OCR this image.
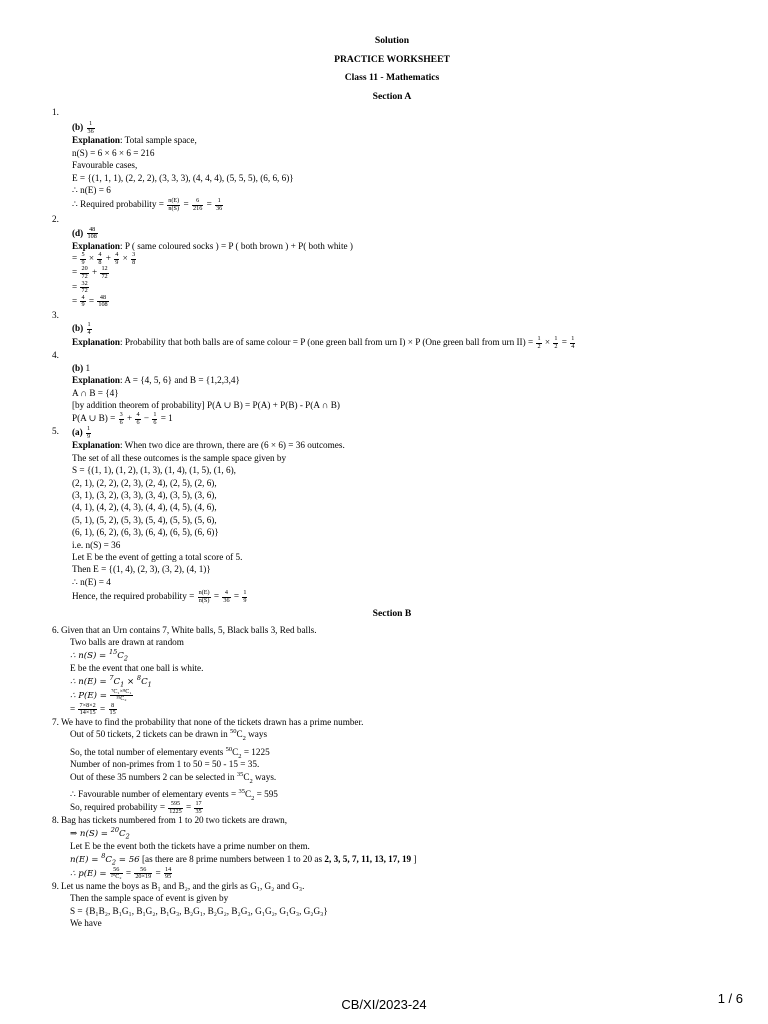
Solution
PRACTICE WORKSHEET
Class 11 - Mathematics
Section A
1.

$(b) \frac{1}{36}$
Explanation: Total sample space,
n(S) = 6 × 6 × 6 = 216
Favourable cases,
E = {(1, 1, 1), (2, 2, 2), (3, 3, 3), (4, 4, 4), (5, 5, 5), (6, 6, 6)}
∴ n(E) = 6
∴ Required probability = $\frac{n(E)}{n(S)} = \frac{6}{216} = \frac{1}{36}$
2.

$(d) \frac{48}{108}$
Explanation: P ( same coloured socks ) = P ( both brown ) + P( both white )
= $\frac{5}{9} \times \frac{4}{8} + \frac{4}{9} \times \frac{3}{8}$
= $\frac{20}{72} + \frac{12}{72}$
= $\frac{32}{72}$
= $\frac{4}{9} = \frac{48}{108}$
3.

$(b) \frac{1}{4}$
Explanation: Probability that both balls are of same colour = P (one green ball from urn I) × P (One green ball from urn $II) = \frac{1}{2} \times \frac{1}{2} = \frac{1}{4}$
4.

(b) 1
Explanation: A = {4, 5, 6} and B = {1,2,3,4}
A ∩ B = {4}
[by addition theorem of probability] P(A ∪ B) = P(A) + P(B) - P(A ∩ B)
P(A ∪ $B) = \frac{3}{6} + \frac{4}{6} - \frac{1}{6} = 1$
5. $(a) \frac{1}{9}$
Explanation: When two dice are thrown, there are (6 × 6) = 36 outcomes.
The set of all these outcomes is the sample space given by
S = {(1, 1), (1, 2), (1, 3), (1, 4), (1, 5), (1, 6),
(2, 1), (2, 2), (2, 3), (2, 4), (2, 5), (2, 6),
(3, 1), (3, 2), (3, 3), (3, 4), (3, 5), (3, 6),
(4, 1), (4, 2), (4, 3), (4, 4), (4, 5), (4, 6),
(5, 1), (5, 2), (5, 3), (5, 4), (5, 5), (5, 6),
(6, 1), (6, 2), (6, 3), (6, 4), (6, 5), (6, 6)}
i.e. n(S) = 36
Let E be the event of getting a total score of 5.
Then E = {(1, 4), (2, 3), (3, 2), (4, 1)}
∴ n(E) = 4
Hence, the required probability = $\frac{n(E)}{n(S)} = \frac{4}{36} = \frac{1}{9}$
Section B
6. Given that an Urn contains 7, White balls, 5, Black balls 3, Red balls.
Two balls are drawn at random
∴ $n(S) = ^{15}C_2$
E be the event that one ball is white.
∴ $n(E) = ^7C_1 \times ^8C_1$
∴ $P(E) = \frac{\text{⁷C₁×⁸C₁}}{\text{¹⁵C₂}}$
= $\frac{7\times 8\times 2}{14\times 15} = \frac{8}{15}$
7. We have to find the probability that none of the tickets drawn has a prime number.
Out of 50 tickets, 2 tickets can be drawn in $^{50}C_2$ ways
So, the total number of elementary events $^{50}C_2 = 1225$
Number of non-primes from 1 to 50 = 50 - 15 = 35.
Out of these 35 numbers 2 can be selected in $^{35}C_2$ ways.
∴ Favourable number of elementary events = $^{35}C_2 = 595$
So, required probability = $\frac{595}{1225} = \frac{17}{35}$
8. Bag has tickets numbered from 1 to 20 two tickets are drawn,
⇒ $n(S) = ^{20}C_2$
Let E be the event both the tickets have a prime number on them.
$n(E) = ^8C_2 = 56$ [as there are 8 prime numbers between 1 to 20 as 2, 3, 5, 7, 11, 13, 17, 19 ]
∴ $p(E) = \frac{56}{\text{²⁰C₂}} = \frac{56}{20\times 19} = \frac{14}{95}$
9. Let us name the boys as B₁ and B₂, and the girls as G₁, G₂ and G₃.
Then the sample space of event is given by
S = {B₁B₂, B₁G₁, B₁G₂, B₁G₃, B₂G₁, B₂G₂, B₂G₃, G₁G₂, G₁G₃, G₂G₃}
We have
CB/XI/2023-24	1 / 6
